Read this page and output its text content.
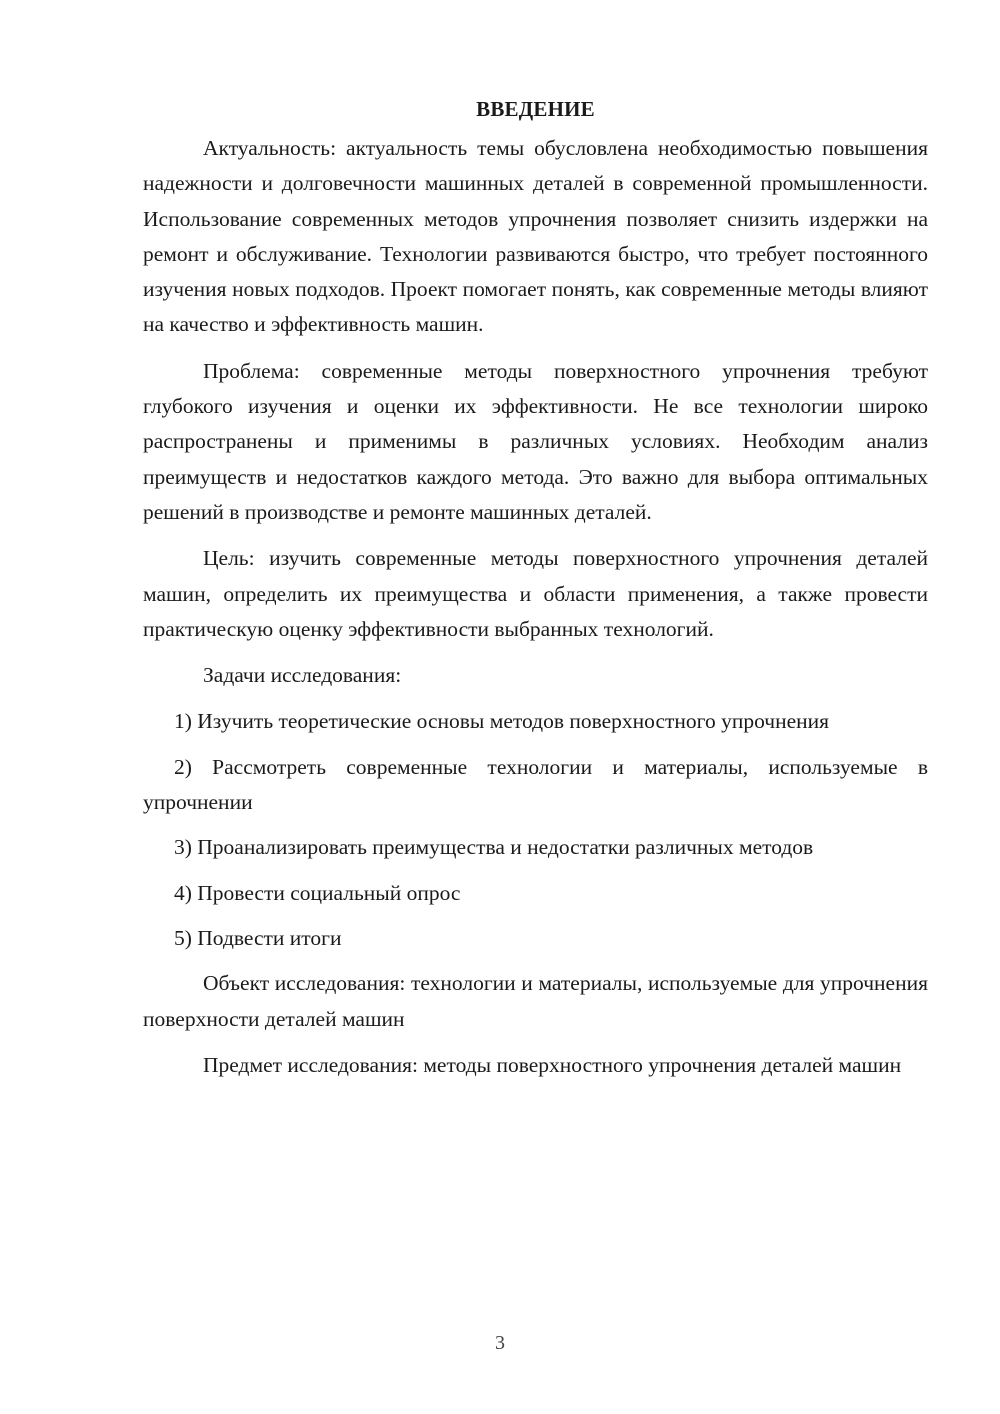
ВВЕДЕНИЕ

Актуальность: актуальность темы обусловлена необходимостью повышения надежности и долговечности машинных деталей в современной промышленности. Использование современных методов упрочнения позволяет снизить издержки на ремонт и обслуживание. Технологии развиваются быстро, что требует постоянного изучения новых подходов. Проект помогает понять, как современные методы влияют на качество и эффективность машин.

Проблема: современные методы поверхностного упрочнения требуют глубокого изучения и оценки их эффективности. Не все технологии широко распространены и применимы в различных условиях. Необходим анализ преимуществ и недостатков каждого метода. Это важно для выбора оптимальных решений в производстве и ремонте машинных деталей.

Цель: изучить современные методы поверхностного упрочнения деталей машин, определить их преимущества и области применения, а также провести практическую оценку эффективности выбранных технологий.

Задачи исследования:

1) Изучить теоретические основы методов поверхностного упрочнения

2) Рассмотреть современные технологии и материалы, используемые в упрочнении

3) Проанализировать преимущества и недостатки различных методов

4) Провести социальный опрос

5) Подвести итоги

Объект исследования: технологии и материалы, используемые для упрочнения поверхности деталей машин

Предмет исследования: методы поверхностного упрочнения деталей машин

3
